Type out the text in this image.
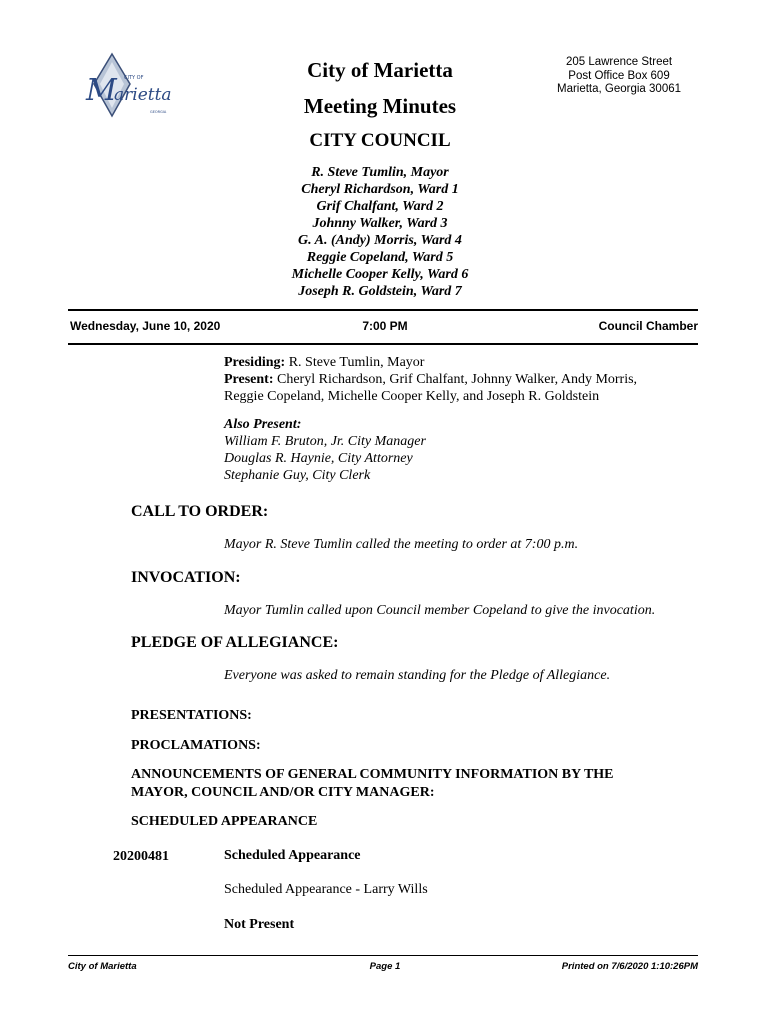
M
arietta
CITY OF
GEORGIA
City of Marietta
Meeting Minutes
CITY COUNCIL
205 Lawrence Street
Post Office Box 609
Marietta, Georgia 30061
R. Steve Tumlin, Mayor
Cheryl Richardson, Ward 1
Grif Chalfant, Ward 2
Johnny Walker, Ward 3
G. A. (Andy) Morris, Ward 4
Reggie Copeland, Ward 5
Michelle Cooper Kelly, Ward 6
Joseph R. Goldstein, Ward 7
Wednesday, June 10, 2020	7:00 PM	Council Chamber
Presiding: R. Steve Tumlin, Mayor
Present: Cheryl Richardson, Grif Chalfant, Johnny Walker, Andy Morris,
Reggie Copeland, Michelle Cooper Kelly, and Joseph R. Goldstein
Also Present:
William F. Bruton, Jr. City Manager
Douglas R. Haynie, City Attorney
Stephanie Guy, City Clerk
CALL TO ORDER:
Mayor R. Steve Tumlin called the meeting to order at 7:00 p.m.
INVOCATION:
Mayor Tumlin called upon Council member Copeland to give the invocation.
PLEDGE OF ALLEGIANCE:
Everyone was asked to remain standing for the Pledge of Allegiance.
PRESENTATIONS:
PROCLAMATIONS:
ANNOUNCEMENTS OF GENERAL COMMUNITY INFORMATION BY THE
MAYOR, COUNCIL AND/OR CITY MANAGER:
SCHEDULED APPEARANCE
20200481	Scheduled Appearance
Scheduled Appearance - Larry Wills
Not Present
City of Marietta	Page 1	Printed on 7/6/2020 1:10:26PM
